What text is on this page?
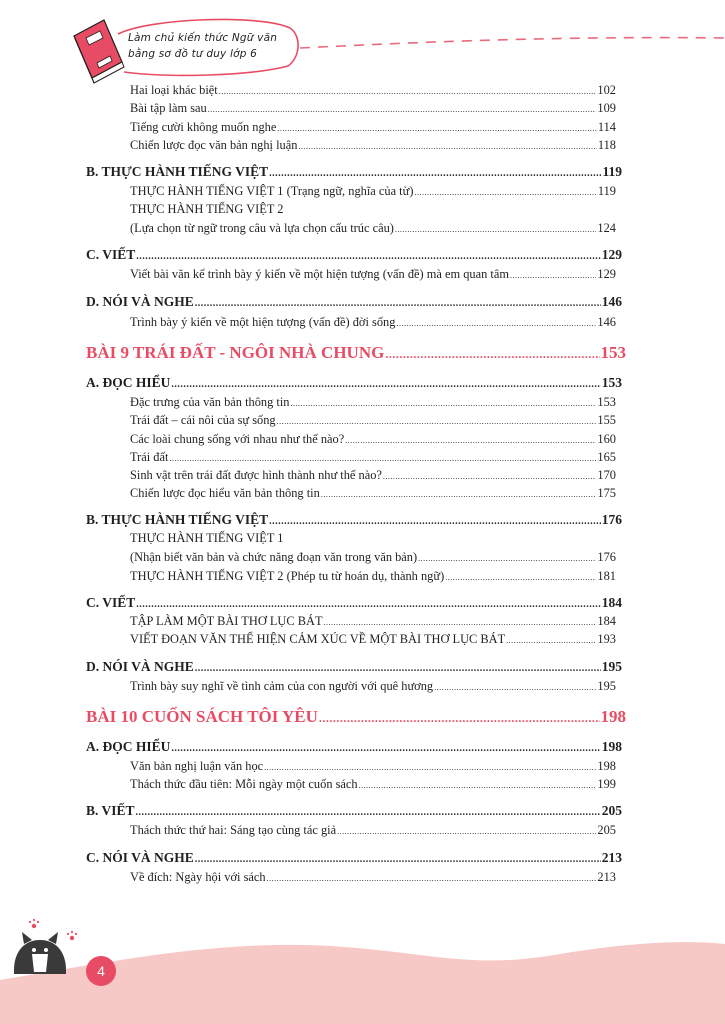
Làm chủ kiến thức Ngữ văn
bằng sơ đồ tư duy lớp 6
Hai loại khác biệt .....	102
Bài tập làm sau .....	109
Tiếng cười không muốn nghe .....	114
Chiến lược đọc văn bản nghị luận .....	118
B. THỰC HÀNH TIẾNG VIỆT .....	119
THỰC HÀNH TIẾNG VIỆT 1 (Trạng ngữ, nghĩa của từ) .....	119
THỰC HÀNH TIẾNG VIỆT 2
(Lựa chọn từ ngữ trong câu và lựa chọn cấu trúc câu) .....	124
C. VIẾT .....	129
Viết bài văn kể trình bày ý kiến về một hiện tượng (vấn đề) mà em quan tâm .....	129
D. NÓI VÀ NGHE .....	146
Trình bày ý kiến về một hiện tượng (vấn đề) đời sống .....	146
BÀI 9 TRÁI ĐẤT - NGÔI NHÀ CHUNG .....	153
A. ĐỌC HIỂU .....	153
Đặc trưng của văn bản thông tin .....	153
Trái đất – cái nôi của sự sống .....	155
Các loài chung sống với nhau như thế nào? .....	160
Trái đất .....	165
Sinh vật trên trái đất được hình thành như thế nào? .....	170
Chiến lược đọc hiểu văn bản thông tin .....	175
B. THỰC HÀNH TIẾNG VIỆT .....	176
THỰC HÀNH TIẾNG VIỆT 1
(Nhận biết văn bản và chức năng đoạn văn trong văn bản) .....	176
THỰC HÀNH TIẾNG VIỆT 2 (Phép tu từ hoán dụ, thành ngữ) .....	181
C. VIẾT .....	184
TẬP LÀM MỘT BÀI THƠ LỤC BÁT .....	184
VIẾT ĐOẠN VĂN THỂ HIỆN CẢM XÚC VỀ MỘT BÀI THƠ LỤC BÁT .....	193
D. NÓI VÀ NGHE .....	195
Trình bày suy nghĩ về tình cảm của con người với quê hương .....	195
BÀI 10 CUỐN SÁCH TÔI YÊU .....	198
A. ĐỌC HIỂU .....	198
Văn bản nghị luận văn học .....	198
Thách thức đầu tiên: Mỗi ngày một cuốn sách .....	199
B. VIẾT .....	205
Thách thức thứ hai: Sáng tạo cùng tác giả .....	205
C. NÓI VÀ NGHE .....	213
Về đích: Ngày hội với sách .....	213
4
